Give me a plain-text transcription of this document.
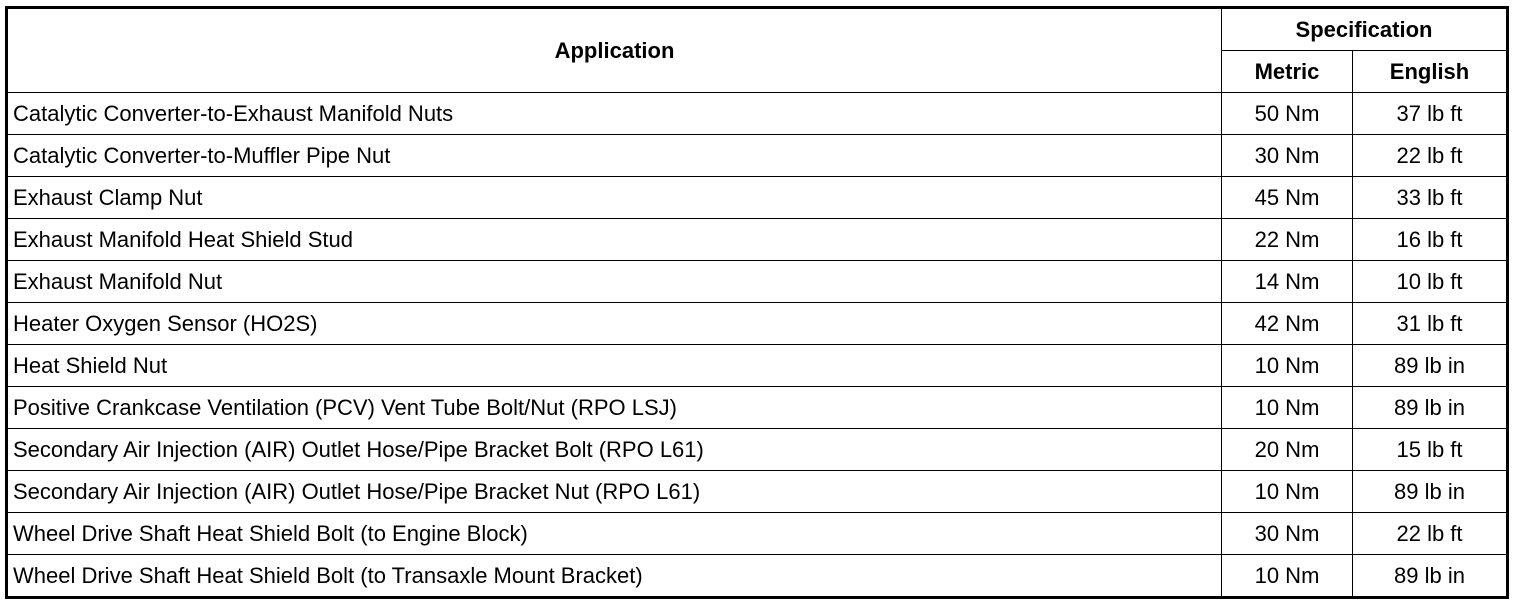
Application	Specification	
	Metric	English
Catalytic Converter-to-Exhaust Manifold Nuts	50 Nm	37 lb ft
Catalytic Converter-to-Muffler Pipe Nut	30 Nm	22 lb ft
Exhaust Clamp Nut	45 Nm	33 lb ft
Exhaust Manifold Heat Shield Stud	22 Nm	16 lb ft
Exhaust Manifold Nut	14 Nm	10 lb ft
Heater Oxygen Sensor (HO2S)	42 Nm	31 lb ft
Heat Shield Nut	10 Nm	89 lb in
Positive Crankcase Ventilation (PCV) Vent Tube Bolt/Nut (RPO LSJ)	10 Nm	89 lb in
Secondary Air Injection (AIR) Outlet Hose/Pipe Bracket Bolt (RPO L61)	20 Nm	15 lb ft
Secondary Air Injection (AIR) Outlet Hose/Pipe Bracket Nut (RPO L61)	10 Nm	89 lb in
Wheel Drive Shaft Heat Shield Bolt (to Engine Block)	30 Nm	22 lb ft
Wheel Drive Shaft Heat Shield Bolt (to Transaxle Mount Bracket)	10 Nm	89 lb in
